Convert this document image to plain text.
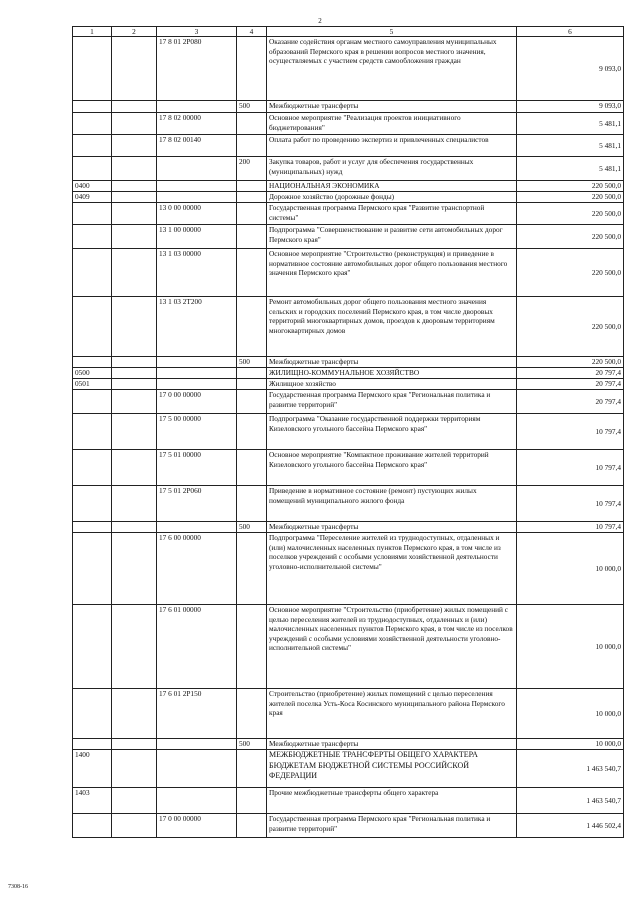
2
1	2	3	4	5	6
		17 8 01 2P080		Оказание содействия органам местного самоуправления муниципальных образований Пермского края в решении вопросов местного значения, осуществляемых с участием средств самообложения граждан	9 093,0
			500	Межбюджетные трансферты	9 093,0
		17 8 02 00000		Основное мероприятие "Реализация проектов инициативного бюджетирования"	5 481,1
		17 8 02 00140		Оплата работ по проведению экспертиз и привлеченных специалистов	5 481,1
			200	Закупка товаров, работ и услуг для обеспечения государственных (муниципальных) нужд	5 481,1
0400				НАЦИОНАЛЬНАЯ ЭКОНОМИКА	220 500,0
0409				Дорожное хозяйство (дорожные фонды)	220 500,0
		13 0 00 00000		Государственная программа Пермского края "Развитие транспортной системы"	220 500,0
		13 1 00 00000		Подпрограмма "Совершенствование и развитие сети автомобильных дорог Пермского края"	220 500,0
		13 1 03 00000		Основное мероприятие "Строительство (реконструкция) и приведение в нормативное состояние автомобильных дорог общего пользования местного значения Пермского края"	220 500,0
		13 1 03 2T200		Ремонт автомобильных дорог общего пользования местного значения сельских и городских поселений Пермского края, в том числе дворовых территорий многоквартирных домов, проездов к дворовым территориям многоквартирных домов	220 500,0
			500	Межбюджетные трансферты	220 500,0
0500				ЖИЛИЩНО-КОММУНАЛЬНОЕ ХОЗЯЙСТВО	20 797,4
0501				Жилищное хозяйство	20 797,4
		17 0 00 00000		Государственная программа Пермского края "Региональная политика и развитие территорий"	20 797,4
		17 5 00 00000		Подпрограмма "Оказание государственной поддержки территориям Кизеловского угольного бассейна Пермского края"	10 797,4
		17 5 01 00000		Основное мероприятие "Компактное проживание жителей территорий Кизеловского угольного бассейна Пермского края"	10 797,4
		17 5 01 2P060		Приведение в нормативное состояние (ремонт) пустующих жилых помещений муниципального жилого фонда	10 797,4
			500	Межбюджетные трансферты	10 797,4
		17 6 00 00000		Подпрограмма "Переселение жителей из труднодоступных, отдаленных и (или) малочисленных населенных пунктов Пермского края, в том числе из поселков учреждений с особыми условиями хозяйственной деятельности уголовно-исполнительной системы"	10 000,0
		17 6 01 00000		Основное мероприятие "Строительство (приобретение) жилых помещений с целью переселения жителей из труднодоступных, отдаленных и (или) малочисленных населенных пунктов Пермского края, в том числе из поселков учреждений с особыми условиями хозяйственной деятельности уголовно-исполнительной системы"	10 000,0
		17 6 01 2P150		Строительство (приобретение) жилых помещений с целью переселения жителей поселка Усть-Коса Косинского муниципального района Пермского края	10 000,0
			500	Межбюджетные трансферты	10 000,0
1400				МЕЖБЮДЖЕТНЫЕ ТРАНСФЕРТЫ ОБЩЕГО ХАРАКТЕРА БЮДЖЕТАМ БЮДЖЕТНОЙ СИСТЕМЫ РОССИЙСКОЙ ФЕДЕРАЦИИ	1 463 540,7
1403				Прочие межбюджетные трансферты общего характера	1 463 540,7
		17 0 00 00000		Государственная программа Пермского края "Региональная политика и развитие территорий"	1 446 502,4
7308-16
